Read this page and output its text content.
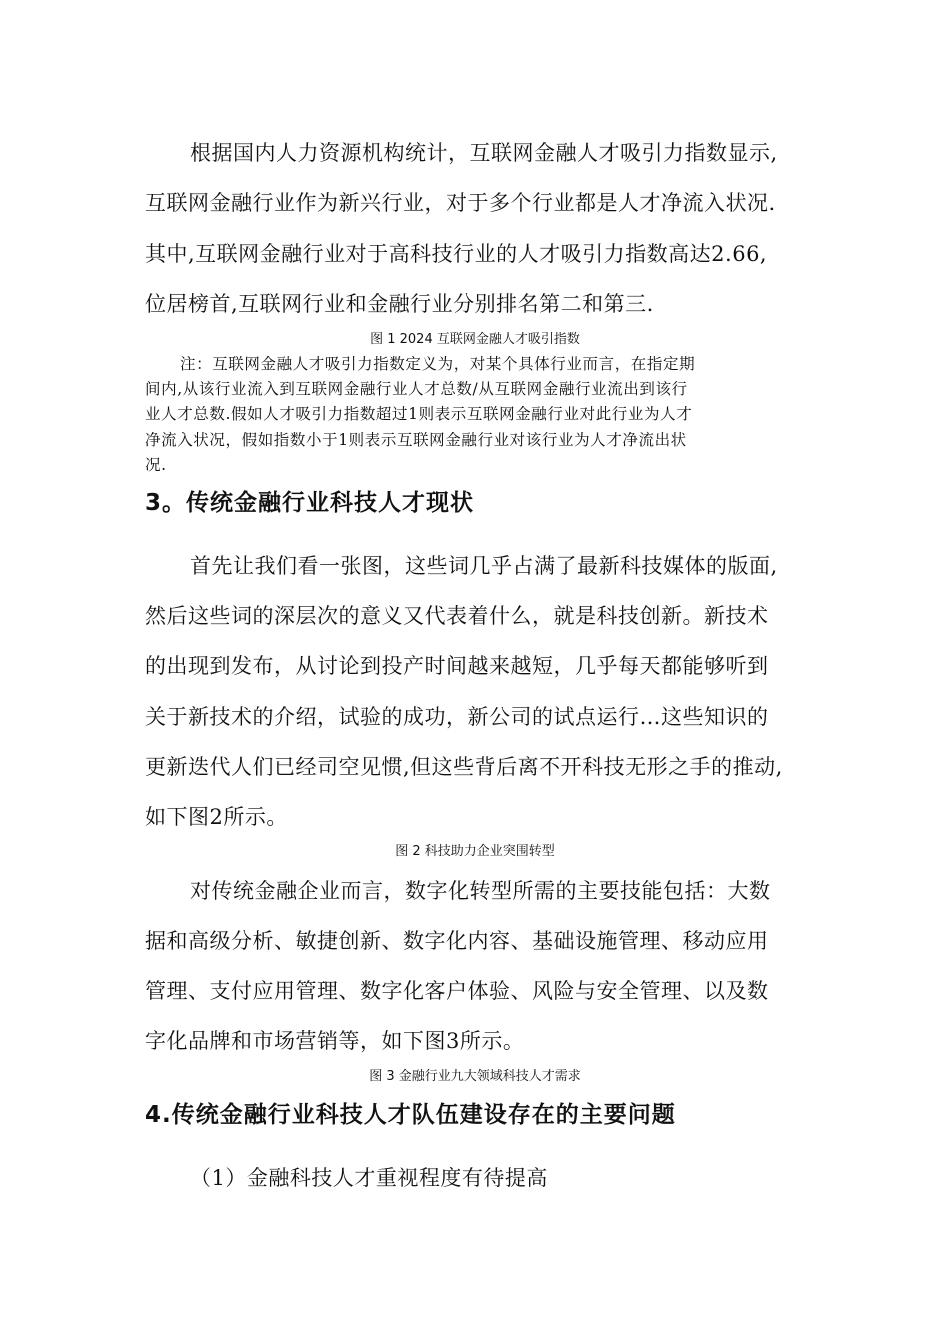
根据国内人力资源机构统计，互联网金融人才吸引力指数显示,
互联网金融行业作为新兴行业，对于多个行业都是人才净流入状况.
其中,互联网金融行业对于高科技行业的人才吸引力指数高达2.66,
位居榜首,互联网行业和金融行业分别排名第二和第三.
图 1 2024 互联网金融人才吸引指数
注：互联网金融人才吸引力指数定义为，对某个具体行业而言，在指定期
间内,从该行业流入到互联网金融行业人才总数/从互联网金融行业流出到该行
业人才总数.假如人才吸引力指数超过1则表示互联网金融行业对此行业为人才
净流入状况，假如指数小于1则表示互联网金融行业对该行业为人才净流出状
况.
3。传统金融行业科技人才现状
首先让我们看一张图，这些词几乎占满了最新科技媒体的版面,
然后这些词的深层次的意义又代表着什么，就是科技创新。新技术
的出现到发布，从讨论到投产时间越来越短，几乎每天都能够听到
关于新技术的介绍，试验的成功，新公司的试点运行…这些知识的
更新迭代人们已经司空见惯,但这些背后离不开科技无形之手的推动,
如下图2所示。
图 2 科技助力企业突围转型
对传统金融企业而言，数字化转型所需的主要技能包括：大数
据和高级分析、敏捷创新、数字化内容、基础设施管理、移动应用
管理、支付应用管理、数字化客户体验、风险与安全管理、以及数
字化品牌和市场营销等，如下图3所示。
图 3 金融行业九大领域科技人才需求
4.传统金融行业科技人才队伍建设存在的主要问题
（1）金融科技人才重视程度有待提高
